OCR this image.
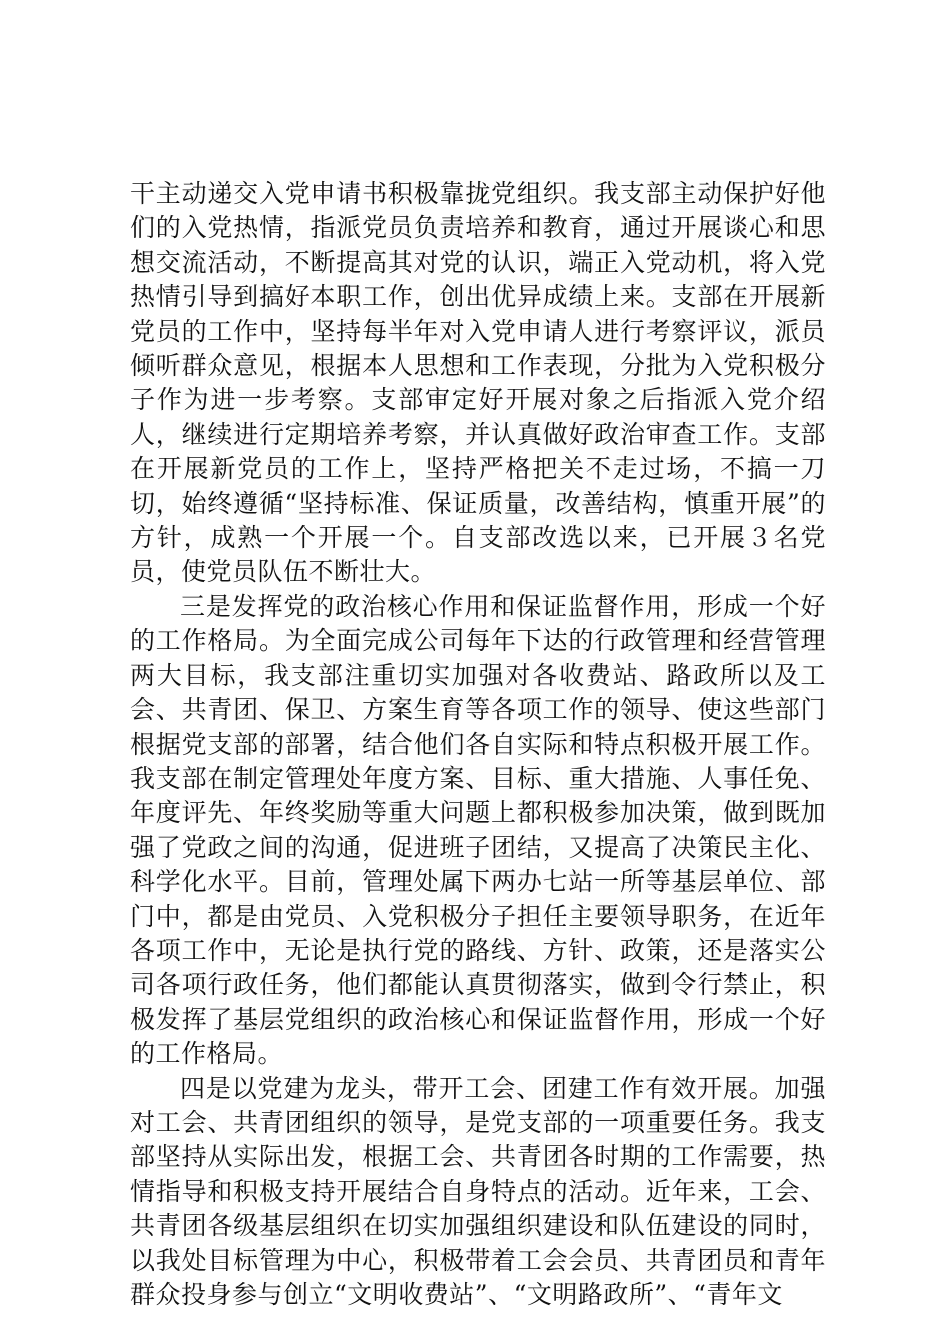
干主动递交入党申请书积极靠拢党组织。我支部主动保护好他们的入党热情，指派党员负责培养和教育，通过开展谈心和思想交流活动，不断提高其对党的认识，端正入党动机，将入党热情引导到搞好本职工作，创出优异成绩上来。支部在开展新党员的工作中，坚持每半年对入党申请人进行考察评议，派员倾听群众意见，根据本人思想和工作表现，分批为入党积极分子作为进一步考察。支部审定好开展对象之后指派入党介绍人，继续进行定期培养考察，并认真做好政治审查工作。支部在开展新党员的工作上，坚持严格把关不走过场，不搞一刀切，始终遵循“坚持标准、保证质量，改善结构，慎重开展”的方针，成熟一个开展一个。自支部改选以来，已开展３名党员，使党员队伍不断壮大。

三是发挥党的政治核心作用和保证监督作用，形成一个好的工作格局。为全面完成公司每年下达的行政管理和经营管理两大目标，我支部注重切实加强对各收费站、路政所以及工会、共青团、保卫、方案生育等各项工作的领导、使这些部门根据党支部的部署，结合他们各自实际和特点积极开展工作。我支部在制定管理处年度方案、目标、重大措施、人事任免、年度评先、年终奖励等重大问题上都积极参加决策，做到既加强了党政之间的沟通，促进班子团结，又提高了决策民主化、科学化水平。目前，管理处属下两办七站一所等基层单位、部门中，都是由党员、入党积极分子担任主要领导职务，在近年各项工作中，无论是执行党的路线、方针、政策，还是落实公司各项行政任务，他们都能认真贯彻落实，做到令行禁止，积极发挥了基层党组织的政治核心和保证监督作用，形成一个好的工作格局。

四是以党建为龙头，带开工会、团建工作有效开展。加强对工会、共青团组织的领导，是党支部的一项重要任务。我支部坚持从实际出发，根据工会、共青团各时期的工作需要，热情指导和积极支持开展结合自身特点的活动。近年来，工会、共青团各级基层组织在切实加强组织建设和队伍建设的同时，以我处目标管理为中心，积极带着工会会员、共青团员和青年群众投身参与创立“文明收费站”、“文明路政所”、“青年文
